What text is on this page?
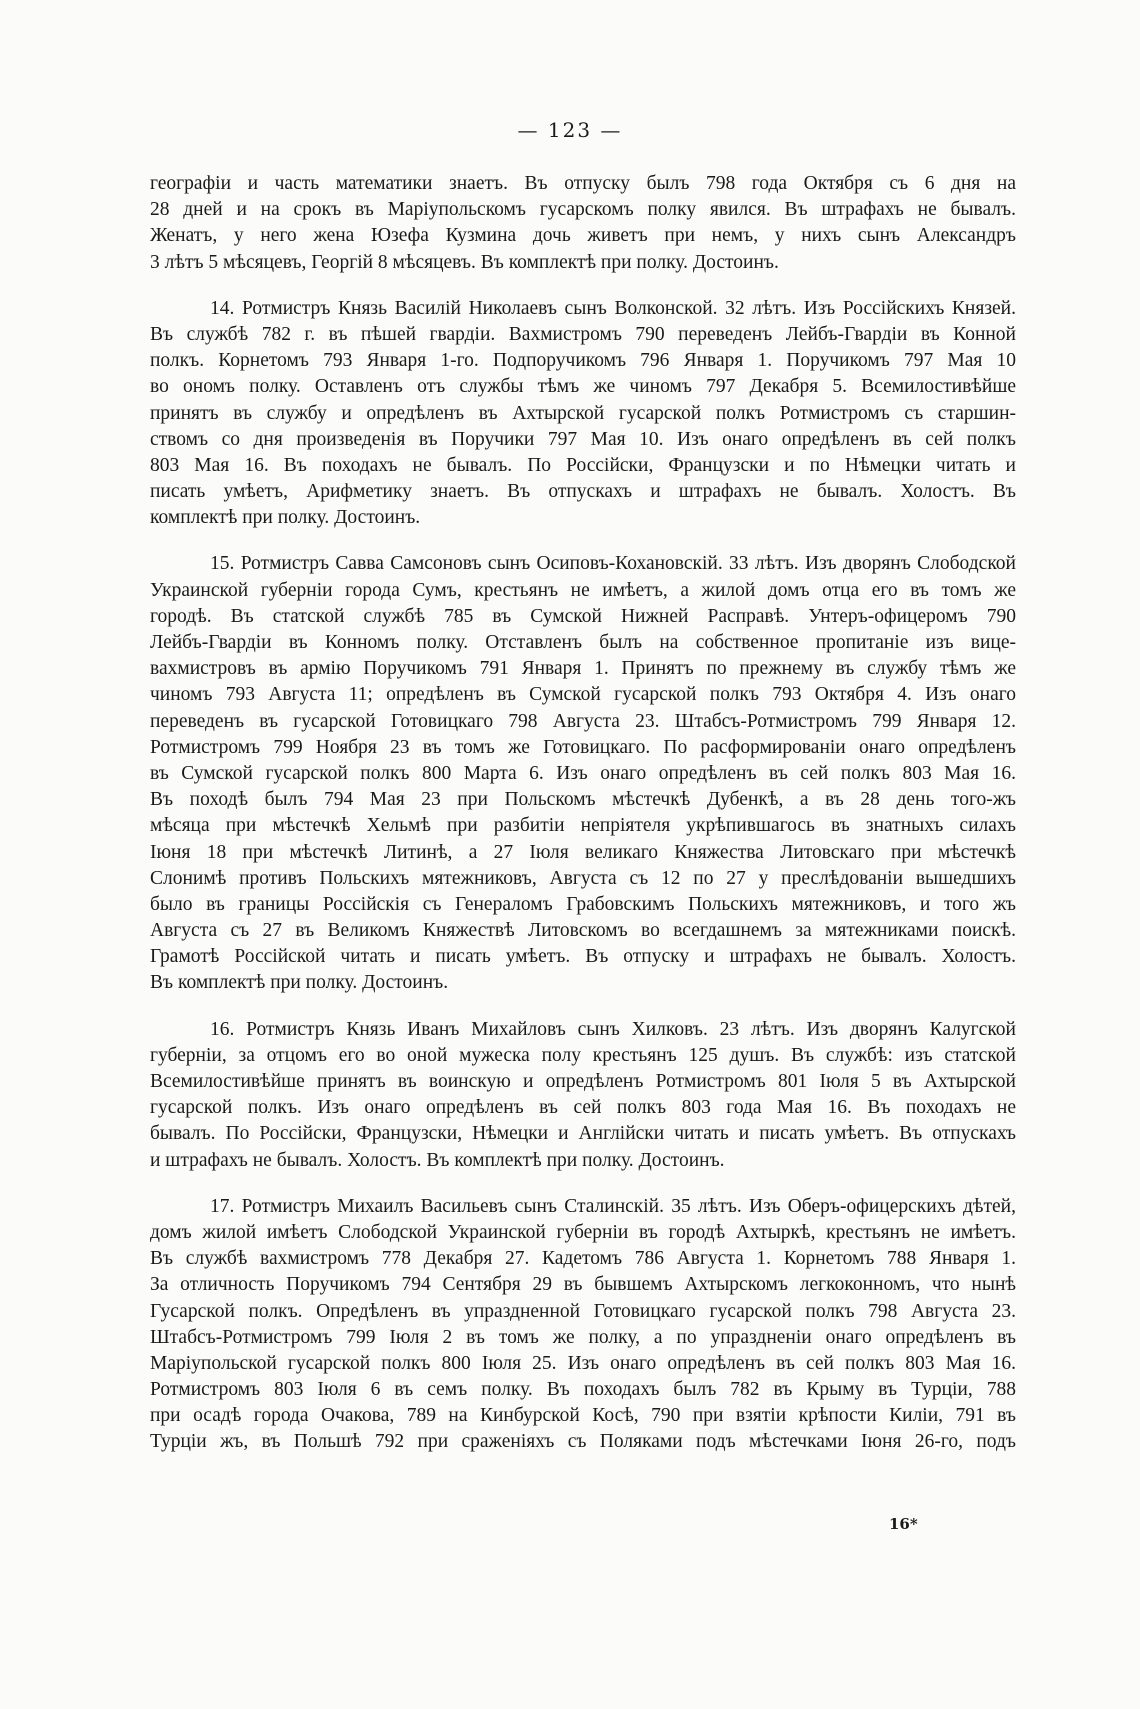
— 123 —
географіи и часть математики знаетъ. Въ отпуску былъ 798 года Октября съ 6 дня на
28 дней и на срокъ въ Маріупольскомъ гусарскомъ полку явился. Въ штрафахъ не бывалъ.
Женатъ, у него жена Юзефа Кузмина дочь живетъ при немъ, у нихъ сынъ Александръ
3 лѣтъ 5 мѣсяцевъ, Георгій 8 мѣсяцевъ. Въ комплектѣ при полку. Достоинъ.
14. Ротмистръ Князь Василій Николаевъ сынъ Волконской. 32 лѣтъ. Изъ Россійскихъ Князей.
Въ службѣ 782 г. въ пѣшей гвардіи. Вахмистромъ 790 переведенъ Лейбъ-Гвардіи въ Конной
полкъ. Корнетомъ 793 Января 1-го. Подпоручикомъ 796 Января 1. Поручикомъ 797 Мая 10
во ономъ полку. Оставленъ отъ службы тѣмъ же чиномъ 797 Декабря 5. Всемилостивѣйше
принятъ въ службу и опредѣленъ въ Ахтырской гусарской полкъ Ротмистромъ съ старшин-
ствомъ со дня произведенія въ Поручики 797 Мая 10. Изъ онаго опредѣленъ въ сей полкъ
803 Мая 16. Въ походахъ не бывалъ. По Россійски, Французски и по Нѣмецки читать и
писать умѣетъ, Арифметику знаетъ. Въ отпускахъ и штрафахъ не бывалъ. Холостъ. Въ
комплектѣ при полку. Достоинъ.
15. Ротмистръ Савва Самсоновъ сынъ Осиповъ-Кохановскій. 33 лѣтъ. Изъ дворянъ Слободской
Украинской губерніи города Сумъ, крестьянъ не имѣетъ, а жилой домъ отца его въ томъ же
городѣ. Въ статской службѣ 785 въ Сумской Нижней Расправѣ. Унтеръ-офицеромъ 790
Лейбъ-Гвардіи въ Конномъ полку. Отставленъ былъ на собственное пропитаніе изъ вице-
вахмистровъ въ армію Поручикомъ 791 Января 1. Принятъ по прежнему въ службу тѣмъ же
чиномъ 793 Августа 11; опредѣленъ въ Сумской гусарской полкъ 793 Октября 4. Изъ онаго
переведенъ въ гусарской Готовицкаго 798 Августа 23. Штабсъ-Ротмистромъ 799 Января 12.
Ротмистромъ 799 Ноября 23 въ томъ же Готовицкаго. По расформированіи онаго опредѣленъ
въ Сумской гусарской полкъ 800 Марта 6. Изъ онаго опредѣленъ въ сей полкъ 803 Мая 16.
Въ походѣ былъ 794 Мая 23 при Польскомъ мѣстечкѣ Дубенкѣ, а въ 28 день того-жъ
мѣсяца при мѣстечкѣ Хельмѣ при разбитіи непріятеля укрѣпившагось въ знатныхъ силахъ
Іюня 18 при мѣстечкѣ Литинѣ, а 27 Іюля великаго Княжества Литовскаго при мѣстечкѣ
Слонимѣ противъ Польскихъ мятежниковъ, Августа съ 12 по 27 у преслѣдованіи вышедшихъ
было въ границы Россійскія съ Генераломъ Грабовскимъ Польскихъ мятежниковъ, и того жъ
Августа съ 27 въ Великомъ Княжествѣ Литовскомъ во всегдашнемъ за мятежниками поискѣ.
Грамотѣ Россійской читать и писать умѣетъ. Въ отпуску и штрафахъ не бывалъ. Холостъ.
Въ комплектѣ при полку. Достоинъ.
16. Ротмистръ Князь Иванъ Михайловъ сынъ Хилковъ. 23 лѣтъ. Изъ дворянъ Калугской
губерніи, за отцомъ его во оной мужеска полу крестьянъ 125 душъ. Въ службѣ: изъ статской
Всемилостивѣйше принятъ въ воинскую и опредѣленъ Ротмистромъ 801 Іюля 5 въ Ахтырской
гусарской полкъ. Изъ онаго опредѣленъ въ сей полкъ 803 года Мая 16. Въ походахъ не
бывалъ. По Россійски, Французски, Нѣмецки и Англійски читать и писать умѣетъ. Въ отпускахъ
и штрафахъ не бывалъ. Холостъ. Въ комплектѣ при полку. Достоинъ.
17. Ротмистръ Михаилъ Васильевъ сынъ Сталинскій. 35 лѣтъ. Изъ Оберъ-офицерскихъ дѣтей,
домъ жилой имѣетъ Слободской Украинской губерніи въ городѣ Ахтыркѣ, крестьянъ не имѣетъ.
Въ службѣ вахмистромъ 778 Декабря 27. Кадетомъ 786 Августа 1. Корнетомъ 788 Января 1.
За отличность Поручикомъ 794 Сентября 29 въ бывшемъ Ахтырскомъ легкоконномъ, что нынѣ
Гусарской полкъ. Опредѣленъ въ упраздненной Готовицкаго гусарской полкъ 798 Августа 23.
Штабсъ-Ротмистромъ 799 Іюля 2 въ томъ же полку, а по упраздненіи онаго опредѣленъ въ
Маріупольской гусарской полкъ 800 Іюля 25. Изъ онаго опредѣленъ въ сей полкъ 803 Мая 16.
Ротмистромъ 803 Іюля 6 въ семъ полку. Въ походахъ былъ 782 въ Крыму въ Турціи, 788
при осадѣ города Очакова, 789 на Кинбурской Косѣ, 790 при взятіи крѣпости Киліи, 791 въ
Турціи жъ, въ Польшѣ 792 при сраженіяхъ съ Поляками подъ мѣстечками Іюня 26-го, подъ
16*
